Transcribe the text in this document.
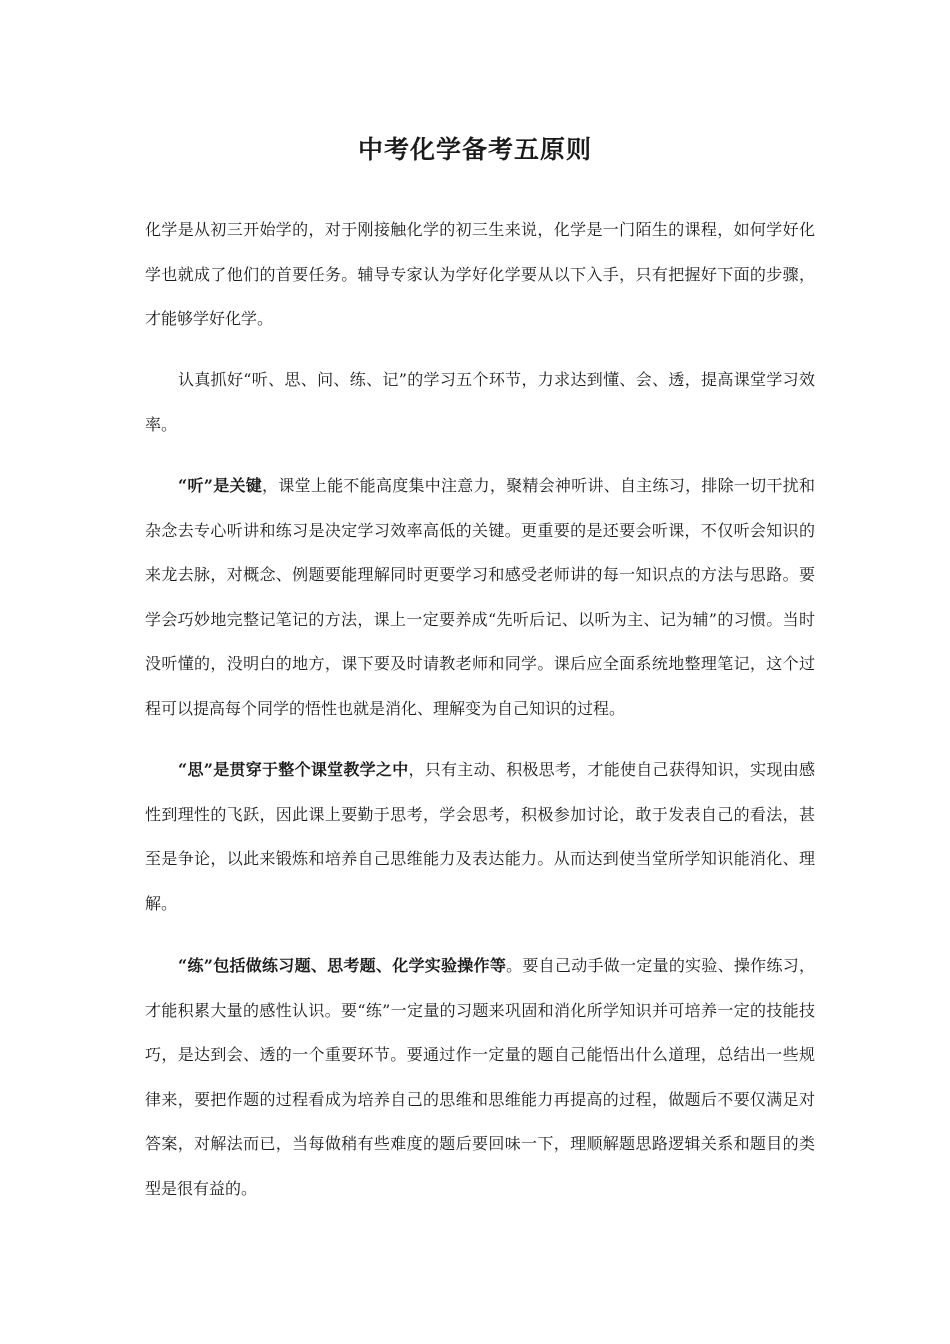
中考化学备考五原则

化学是从初三开始学的，对于刚接触化学的初三生来说，化学是一门陌生的课程，如何学好化学也就成了他们的首要任务。辅导专家认为学好化学要从以下入手，只有把握好下面的步骤，才能够学好化学。

认真抓好“听、思、问、练、记”的学习五个环节，力求达到懂、会、透，提高课堂学习效率。

“听”是关键，课堂上能不能高度集中注意力，聚精会神听讲、自主练习，排除一切干扰和杂念去专心听讲和练习是决定学习效率高低的关键。更重要的是还要会听课，不仅听会知识的来龙去脉，对概念、例题要能理解同时更要学习和感受老师讲的每一知识点的方法与思路。要学会巧妙地完整记笔记的方法，课上一定要养成“先听后记、以听为主、记为辅”的习惯。当时没听懂的，没明白的地方，课下要及时请教老师和同学。课后应全面系统地整理笔记，这个过程可以提高每个同学的悟性也就是消化、理解变为自己知识的过程。

“思”是贯穿于整个课堂教学之中，只有主动、积极思考，才能使自己获得知识，实现由感性到理性的飞跃，因此课上要勤于思考，学会思考，积极参加讨论，敢于发表自己的看法，甚至是争论，以此来锻炼和培养自己思维能力及表达能力。从而达到使当堂所学知识能消化、理解。

“练”包括做练习题、思考题、化学实验操作等。要自己动手做一定量的实验、操作练习，才能积累大量的感性认识。要“练”一定量的习题来巩固和消化所学知识并可培养一定的技能技巧，是达到会、透的一个重要环节。要通过作一定量的题自己能悟出什么道理，总结出一些规律来，要把作题的过程看成为培养自己的思维和思维能力再提高的过程，做题后不要仅满足对答案，对解法而已，当每做稍有些难度的题后要回味一下，理顺解题思路逻辑关系和题目的类型是很有益的。
